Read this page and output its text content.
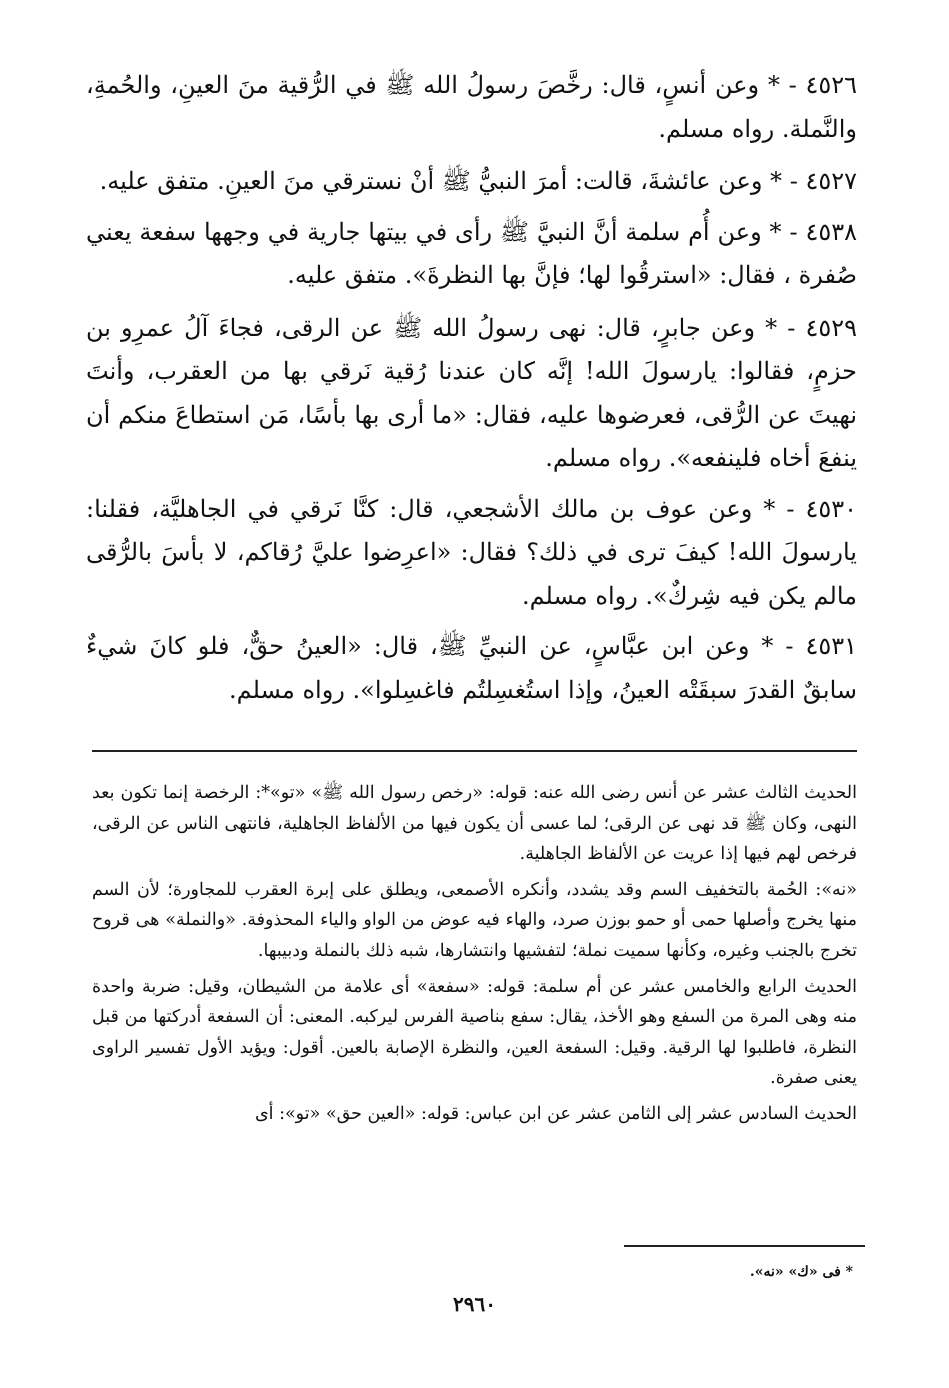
٤٥٢٦ - * وعن أنسٍ، قال: رخَّصَ رسولُ الله ﷺ في الرُّقية منَ العينِ، والحُمةِ، والنَّملة. رواه مسلم.

٤٥٢٧ - * وعن عائشةَ، قالت: أمرَ النبيُّ ﷺ أنْ نسترقي منَ العينِ. متفق عليه.

٤٥٣٨ - * وعن أُم سلمة أنَّ النبيَّ ﷺ رأى في بيتها جارية في وجهها سفعة يعني صُفرة ، فقال: «استرقُوا لها؛ فإنَّ بها النظرةَ». متفق عليه.

٤٥٢٩ - * وعن جابرٍ، قال: نهى رسولُ الله ﷺ عن الرقى، فجاءَ آلُ عمرِو بن حزمٍ، فقالوا: يارسولَ الله! إنَّه كان عندنا رُقية نَرقي بها من العقرب، وأنتَ نهيتَ عن الرُّقى، فعرضوها عليه، فقال: «ما أرى بها بأسًا، مَن استطاعَ منكم أن ينفعَ أخاه فلينفعه». رواه مسلم.

٤٥٣٠ - * وعن عوف بن مالك الأشجعي، قال: كنَّا نَرقي في الجاهليَّة، فقلنا: يارسولَ الله! كيفَ ترى في ذلك؟ فقال: «اعرِضوا عليَّ رُقاكم، لا بأسَ بالرُّقى مالم يكن فيه شِركٌ». رواه مسلم.

٤٥٣١ - * وعن ابن عبَّاسٍ، عن النبيِّ ﷺ، قال: «العينُ حقٌّ، فلو كانَ شيءٌ سابقٌ القدرَ سبقَتْه العينُ، وإذا استُغسِلتُم فاغسِلوا». رواه مسلم.

الحديث الثالث عشر عن أنس رضى الله عنه: قوله: «رخص رسول الله ﷺ» «تو»*: الرخصة إنما تكون بعد النهى، وكان ﷺ قد نهى عن الرقى؛ لما عسى أن يكون فيها من الألفاظ الجاهلية، فانتهى الناس عن الرقى، فرخص لهم فيها إذا عريت عن الألفاظ الجاهلية.

«نه»: الحُمة بالتخفيف السم وقد يشدد، وأنكره الأصمعى، ويطلق على إبرة العقرب للمجاورة؛ لأن السم منها يخرج وأصلها حمى أو حمو بوزن صرد، والهاء فيه عوض من الواو والياء المحذوفة. «والنملة» هى قروح تخرج بالجنب وغيره، وكأنها سميت نملة؛ لتفشيها وانتشارها، شبه ذلك بالنملة ودبيبها.

الحديث الرابع والخامس عشر عن أم سلمة: قوله: «سفعة» أى علامة من الشيطان، وقيل: ضربة واحدة منه وهى المرة من السفع وهو الأخذ، يقال: سفع بناصية الفرس ليركبه. المعنى: أن السفعة أدركتها من قبل النظرة، فاطلبوا لها الرقية. وقيل: السفعة العين، والنظرة الإصابة بالعين. أقول: ويؤيد الأول تفسير الراوى يعنى صفرة.

الحديث السادس عشر إلى الثامن عشر عن ابن عباس: قوله: «العين حق» «تو»: أى

* فى «ك» «نه».
٢٩٦٠
